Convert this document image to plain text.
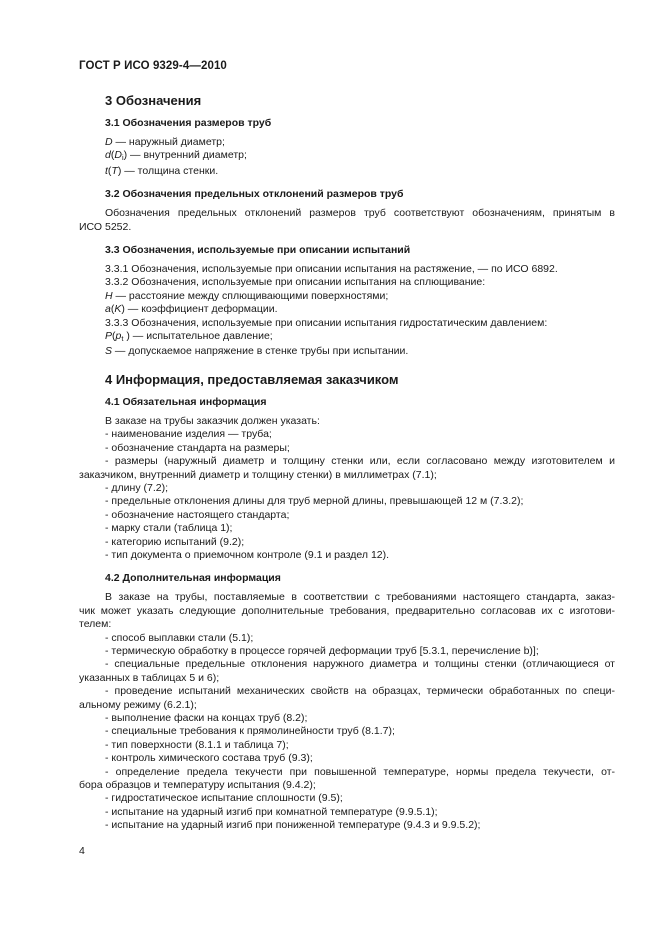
ГОСТ Р ИСО 9329-4—2010
3 Обозначения
3.1 Обозначения размеров труб
D — наружный диаметр;
$d(D_i)$ — внутренний диаметр;
t(T) — толщина стенки.
3.2 Обозначения предельных отклонений размеров труб
Обозначения предельных отклонений размеров труб соответствуют обозначениям, принятым в
ИСО 5252.
3.3 Обозначения, используемые при описании испытаний
3.3.1 Обозначения, используемые при описании испытания на растяжение, — по ИСО 6892.
3.3.2 Обозначения, используемые при описании испытания на сплющивание:
H — расстояние между сплющивающими поверхностями;
a(K) — коэффициент деформации.
3.3.3 Обозначения, используемые при описании испытания гидростатическим давлением:
$P(p_t$ ) — испытательное давление;
S — допускаемое напряжение в стенке трубы при испытании.
4 Информация, предоставляемая заказчиком
4.1 Обязательная информация
В заказе на трубы заказчик должен указать:
- наименование изделия — труба;
- обозначение стандарта на размеры;
- размеры (наружный диаметр и толщину стенки или, если согласовано между изготовителем и
заказчиком, внутренний диаметр и толщину стенки) в миллиметрах (7.1);
- длину (7.2);
- предельные отклонения длины для труб мерной длины, превышающей 12 м (7.3.2);
- обозначение настоящего стандарта;
- марку стали (таблица 1);
- категорию испытаний (9.2);
- тип документа о приемочном контроле (9.1 и раздел 12).
4.2 Дополнительная информация
В заказе на трубы, поставляемые в соответствии с требованиями настоящего стандарта, заказ-
чик может указать следующие дополнительные требования, предварительно согласовав их с изготови-
телем:
- способ выплавки стали (5.1);
- термическую обработку в процессе горячей деформации труб [5.3.1, перечисление b)];
- специальные предельные отклонения наружного диаметра и толщины стенки (отличающиеся от
указанных в таблицах 5 и 6);
- проведение испытаний механических свойств на образцах, термически обработанных по специ-
альному режиму (6.2.1);
- выполнение фаски на концах труб (8.2);
- специальные требования к прямолинейности труб (8.1.7);
- тип поверхности (8.1.1 и таблица 7);
- контроль химического состава труб (9.3);
- определение предела текучести при повышенной температуре, нормы предела текучести, от-
бора образцов и температуру испытания (9.4.2);
- гидростатическое испытание сплошности (9.5);
- испытание на ударный изгиб при комнатной температуре (9.9.5.1);
- испытание на ударный изгиб при пониженной температуре (9.4.3 и 9.9.5.2);
4
